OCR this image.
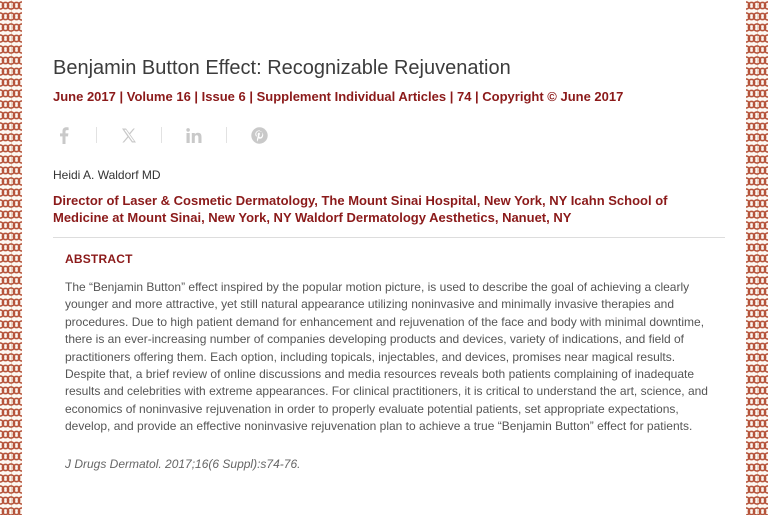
Benjamin Button Effect: Recognizable Rejuvenation
June 2017 | Volume 16 | Issue 6 | Supplement Individual Articles | 74 | Copyright © June 2017
Heidi A. Waldorf MD
Director of Laser & Cosmetic Dermatology, The Mount Sinai Hospital, New York, NY Icahn School of Medicine at Mount Sinai, New York, NY Waldorf Dermatology Aesthetics, Nanuet, NY
ABSTRACT

The “Benjamin Button” effect inspired by the popular motion picture, is used to describe the goal of achieving a clearly younger and more attractive, yet still natural appearance utilizing noninvasive and minimally invasive therapies and procedures. Due to high patient demand for enhancement and rejuvenation of the face and body with minimal downtime, there is an ever-increasing number of companies developing products and devices, variety of indications, and field of practitioners offering them. Each option, including topicals, injectables, and devices, promises near magical results. Despite that, a brief review of online discussions and media resources reveals both patients complaining of inadequate results and celebrities with extreme appearances. For clinical practitioners, it is critical to understand the art, science, and economics of noninvasive rejuvenation in order to properly evaluate potential patients, set appropriate expectations, develop, and provide an effective noninvasive rejuvenation plan to achieve a true “Benjamin Button” effect for patients.

J Drugs Dermatol. 2017;16(6 Suppl):s74-76.
